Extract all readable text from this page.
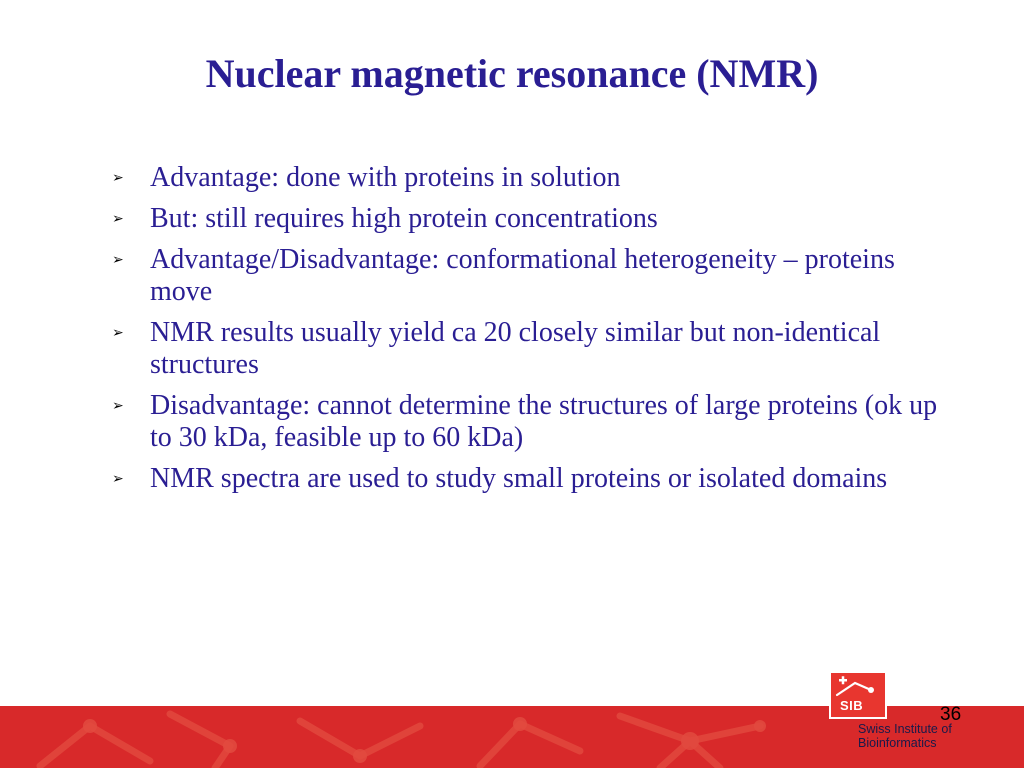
Nuclear magnetic resonance (NMR)
➢ Advantage: done with proteins in solution
➢ But: still requires high protein concentrations
➢ Advantage/Disadvantage: conformational heterogeneity – proteins move
➢ NMR results usually yield ca 20 closely similar but non-identical structures
➢ Disadvantage: cannot determine the structures of large proteins (ok up to 30 kDa, feasible up to 60 kDa)
➢ NMR spectra are used to study small proteins or isolated domains
SIB
Swiss Institute of
Bioinformatics
36
